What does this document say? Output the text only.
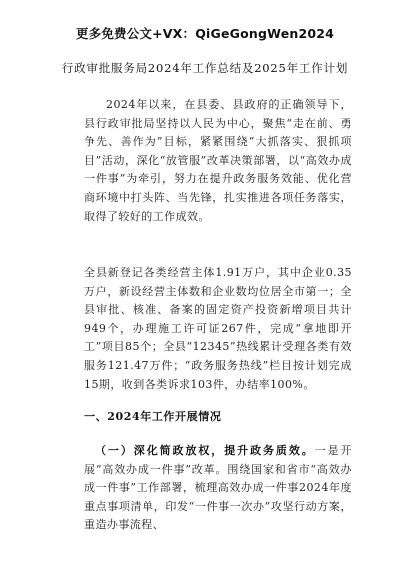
更多免费公文+VX：QiGeGongWen2024
行政审批服务局2024年工作总结及2025年工作计划
2024年以来，在县委、县政府的正确领导下，县行政审批局坚持以人民为中心，聚焦“走在前、勇争先、善作为”目标，紧紧围绕“大抓落实、狠抓项目”活动，深化“放管服”改革决策部署，以“高效办成一件事”为牵引，努力在提升政务服务效能、优化营商环境中打头阵、当先锋，扎实推进各项任务落实，取得了较好的工作成效。
全县新登记各类经营主体1.91万户，其中企业0.35万户，新设经营主体数和企业数均位居全市第一；全县审批、核准、备案的固定资产投资新增项目共计949个，办理施工许可证267件，完成“拿地即开工”项目85个；全县“12345”热线累计受理各类有效服务121.47万件；“政务服务热线”栏目按计划完成15期，收到各类诉求103件，办结率100%。
一、2024年工作开展情况
（一）深化简政放权，提升政务质效。一是开展“高效办成一件事”改革。围绕国家和省市“高效办成一件事”工作部署，梳理高效办成一件事2024年度重点事项清单，印发“一件事一次办”攻坚行动方案，重造办事流程、
